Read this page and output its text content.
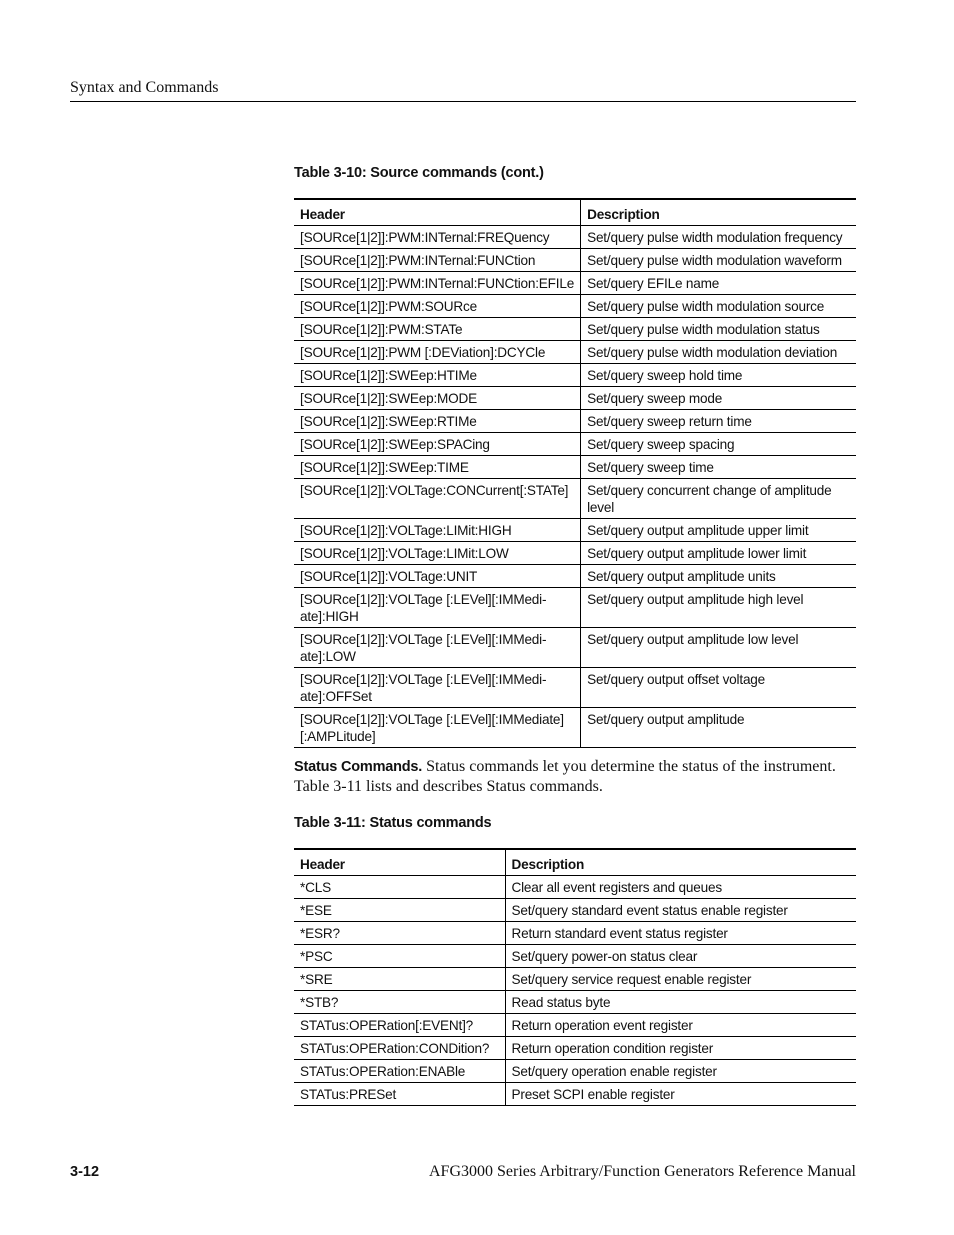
Syntax and Commands
Table 3-10: Source commands (cont.)
Header	Description
[SOURce[1|2]]:PWM:INTernal:FREQuency	Set/query pulse width modulation frequency
[SOURce[1|2]]:PWM:INTernal:FUNCtion	Set/query pulse width modulation waveform
[SOURce[1|2]]:PWM:INTernal:FUNCtion:EFILe	Set/query EFILe name
[SOURce[1|2]]:PWM:SOURce	Set/query pulse width modulation source
[SOURce[1|2]]:PWM:STATe	Set/query pulse width modulation status
[SOURce[1|2]]:PWM [:DEViation]:DCYCle	Set/query pulse width modulation deviation
[SOURce[1|2]]:SWEep:HTIMe	Set/query sweep hold time
[SOURce[1|2]]:SWEep:MODE	Set/query sweep mode
[SOURce[1|2]]:SWEep:RTIMe	Set/query sweep return time
[SOURce[1|2]]:SWEep:SPACing	Set/query sweep spacing
[SOURce[1|2]]:SWEep:TIME	Set/query sweep time
[SOURce[1|2]]:VOLTage:CONCurrent[:STATe]	Set/query concurrent change of amplitude level
[SOURce[1|2]]:VOLTage:LIMit:HIGH	Set/query output amplitude upper limit
[SOURce[1|2]]:VOLTage:LIMit:LOW	Set/query output amplitude lower limit
[SOURce[1|2]]:VOLTage:UNIT	Set/query output amplitude units
[SOURce[1|2]]:VOLTage [:LEVel][:IMMedi-
ate]:HIGH	Set/query output amplitude high level
[SOURce[1|2]]:VOLTage [:LEVel][:IMMedi-
ate]:LOW	Set/query output amplitude low level
[SOURce[1|2]]:VOLTage [:LEVel][:IMMedi-
ate]:OFFSet	Set/query output offset voltage
[SOURce[1|2]]:VOLTage [:LEVel][:IMMediate]
[:AMPLitude]	Set/query output amplitude
Status Commands. Status commands let you determine the status of the instrument. Table 3-11 lists and describes Status commands.
Table 3-11: Status commands
Header	Description
*CLS	Clear all event registers and queues
*ESE	Set/query standard event status enable register
*ESR?	Return standard event status register
*PSC	Set/query power-on status clear
*SRE	Set/query service request enable register
*STB?	Read status byte
STATus:OPERation[:EVENt]?	Return operation event register
STATus:OPERation:CONDition?	Return operation condition register
STATus:OPERation:ENABle	Set/query operation enable register
STATus:PRESet	Preset SCPI enable register
3-12	AFG3000 Series Arbitrary/Function Generators Reference Manual
